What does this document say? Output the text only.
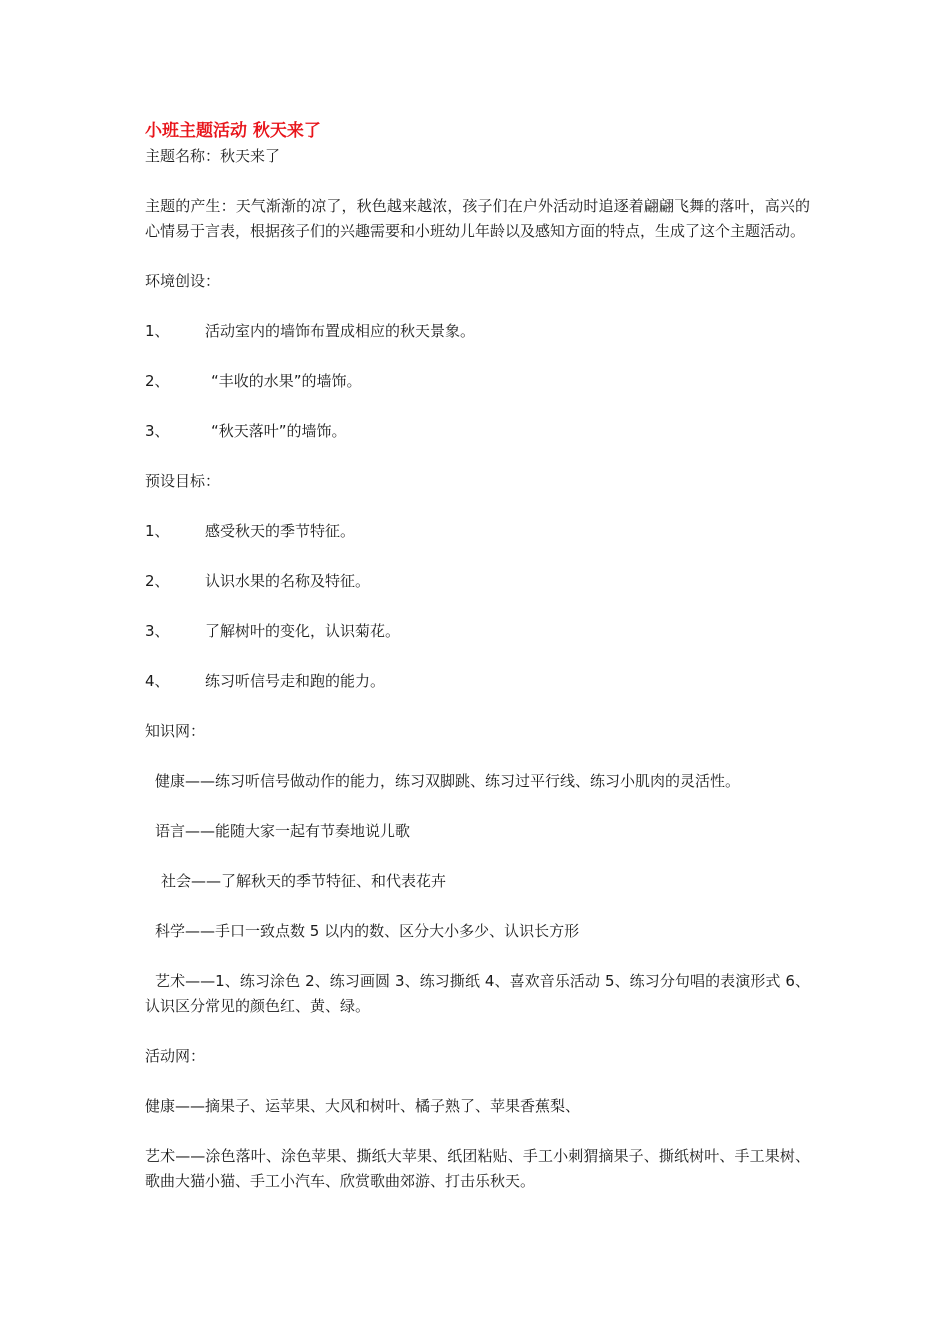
小班主题活动 秋天来了

主题名称：秋天来了

主题的产生：天气渐渐的凉了，秋色越来越浓，孩子们在户外活动时追逐着翩翩飞舞的落叶，高兴的心情易于言表，根据孩子们的兴趣需要和小班幼儿年龄以及感知方面的特点，生成了这个主题活动。

环境创设：

1、	活动室内的墙饰布置成相应的秋天景象。
2、	“丰收的水果”的墙饰。
3、	“秋天落叶”的墙饰。

预设目标：

1、	感受秋天的季节特征。
2、	认识水果的名称及特征。
3、	了解树叶的变化，认识菊花。
4、	练习听信号走和跑的能力。

知识网：

健康——练习听信号做动作的能力，练习双脚跳、练习过平行线、练习小肌肉的灵活性。

语言——能随大家一起有节奏地说儿歌

社会——了解秋天的季节特征、和代表花卉

科学——手口一致点数 5 以内的数、区分大小多少、认识长方形

艺术——1、练习涂色 2、练习画圆 3、练习撕纸 4、喜欢音乐活动 5、练习分句唱的表演形式 6、认识区分常见的颜色红、黄、绿。

活动网：

健康——摘果子、运苹果、大风和树叶、橘子熟了、苹果香蕉梨、

艺术——涂色落叶、涂色苹果、撕纸大苹果、纸团粘贴、手工小刺猬摘果子、撕纸树叶、手工果树、歌曲大猫小猫、手工小汽车、欣赏歌曲郊游、打击乐秋天。
